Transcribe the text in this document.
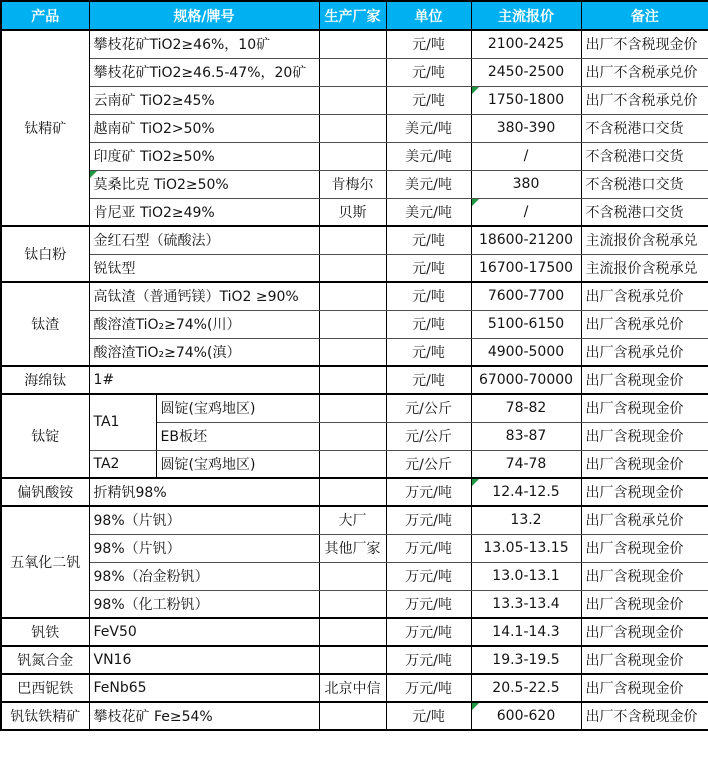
产品	规格/牌号		生产厂家	单位	主流报价	备注
钛精矿	攀枝花矿TiO2≥46%，10矿			元/吨	2100-2425	出厂不含税现金价
	攀枝花矿TiO2≥46.5-47%，20矿			元/吨	2450-2500	出厂不含税承兑价
	云南矿 TiO2≥45%			元/吨	1750-1800	出厂不含税承兑价
	越南矿 TiO2>50%			美元/吨	380-390	不含税港口交货
	印度矿 TiO2≥50%			美元/吨	/	不含税港口交货
	莫桑比克 TiO2≥50%		肯梅尔	美元/吨	380	不含税港口交货
	肯尼亚 TiO2≥49%		贝斯	美元/吨	/	不含税港口交货
钛白粉	金红石型（硫酸法）			元/吨	18600-21200	主流报价含税承兑
	锐钛型			元/吨	16700-17500	主流报价含税承兑
钛渣	高钛渣（普通钙镁）TiO2 ≥90%			元/吨	7600-7700	出厂含税承兑价
	酸溶渣TiO₂≥74%(川）			元/吨	5100-6150	出厂含税承兑价
	酸溶渣TiO₂≥74%(滇）			元/吨	4900-5000	出厂含税承兑价
海绵钛	1#			元/吨	67000-70000	出厂含税现金价
钛锭	TA1	圆锭(宝鸡地区)		元/公斤	78-82	出厂含税现金价
		EB板坯		元/公斤	83-87	出厂含税现金价
	TA2	圆锭(宝鸡地区)		元/公斤	74-78	出厂含税现金价
偏钒酸铵	折精钒98%			万元/吨	12.4-12.5	出厂含税现金价
五氧化二钒	98%（片钒）		大厂	万元/吨	13.2	出厂含税承兑价
	98%（片钒）		其他厂家	万元/吨	13.05-13.15	出厂含税现金价
	98%（冶金粉钒）			万元/吨	13.0-13.1	出厂含税现金价
	98%（化工粉钒）			万元/吨	13.3-13.4	出厂含税现金价
钒铁	FeV50			万元/吨	14.1-14.3	出厂含税现金价
钒氮合金	VN16			万元/吨	19.3-19.5	出厂含税现金价
巴西铌铁	FeNb65		北京中信	万元/吨	20.5-22.5	出厂含税现金价
钒钛铁精矿	攀枝花矿 Fe≥54%			元/吨	600-620	出厂不含税现金价
